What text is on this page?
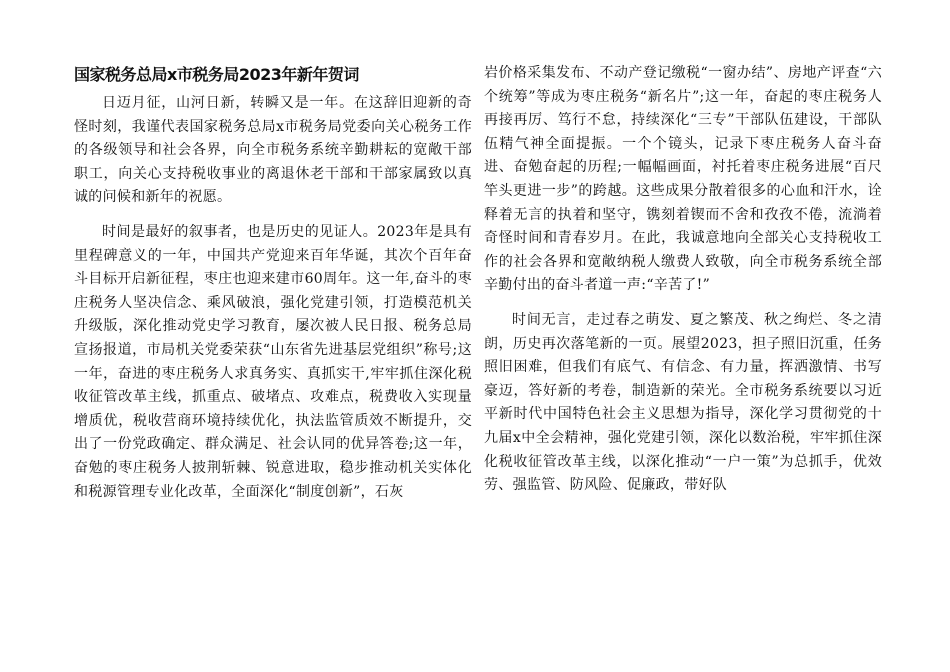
国家税务总局x市税务局2023年新年贺词

日迈月征，山河日新，转瞬又是一年。在这辞旧迎新的奇怪时刻，我谨代表国家税务总局x市税务局党委向关心税务工作的各级领导和社会各界，向全市税务系统辛勤耕耘的宽敞干部职工，向关心支持税收事业的离退休老干部和干部家属致以真诚的问候和新年的祝愿。

时间是最好的叙事者，也是历史的见证人。2023年是具有里程碑意义的一年，中国共产党迎来百年华诞，其次个百年奋斗目标开启新征程，枣庄也迎来建市60周年。这一年,奋斗的枣庄税务人坚决信念、乘风破浪，强化党建引领，打造模范机关升级版，深化推动党史学习教育，屡次被人民日报、税务总局宣扬报道，市局机关党委荣获“山东省先进基层党组织”称号;这一年，奋进的枣庄税务人求真务实、真抓实干,牢牢抓住深化税收征管改革主线，抓重点、破堵点、攻难点，税费收入实现量增质优，税收营商环境持续优化，执法监管质效不断提升，交出了一份党政确定、群众满足、社会认同的优异答卷;这一年，奋勉的枣庄税务人披荆斩棘、锐意进取，稳步推动机关实体化和税源管理专业化改革，全面深化“制度创新”，石灰

岩价格采集发布、不动产登记缴税“一窗办结”、房地产评查“六个统筹”等成为枣庄税务“新名片”;这一年，奋起的枣庄税务人再接再厉、笃行不怠，持续深化“三专”干部队伍建设，干部队伍精气神全面提振。一个个镜头，记录下枣庄税务人奋斗奋进、奋勉奋起的历程;一幅幅画面，衬托着枣庄税务进展“百尺竿头更进一步”的跨越。这些成果分散着很多的心血和汗水，诠释着无言的执着和坚守，镌刻着锲而不舍和孜孜不倦，流淌着奇怪时间和青春岁月。在此，我诚意地向全部关心支持税收工作的社会各界和宽敞纳税人缴费人致敬，向全市税务系统全部辛勤付出的奋斗者道一声:“辛苦了!”

时间无言，走过春之萌发、夏之繁茂、秋之绚烂、冬之清朗，历史再次落笔新的一页。展望2023，担子照旧沉重，任务照旧困难，但我们有底气、有信念、有力量，挥洒激情、书写豪迈，答好新的考卷，制造新的荣光。全市税务系统要以习近平新时代中国特色社会主义思想为指导，深化学习贯彻党的十九届x中全会精神，强化党建引领，深化以数治税，牢牢抓住深化税收征管改革主线，以深化推动“一户一策”为总抓手，优效劳、强监管、防风险、促廉政，带好队
